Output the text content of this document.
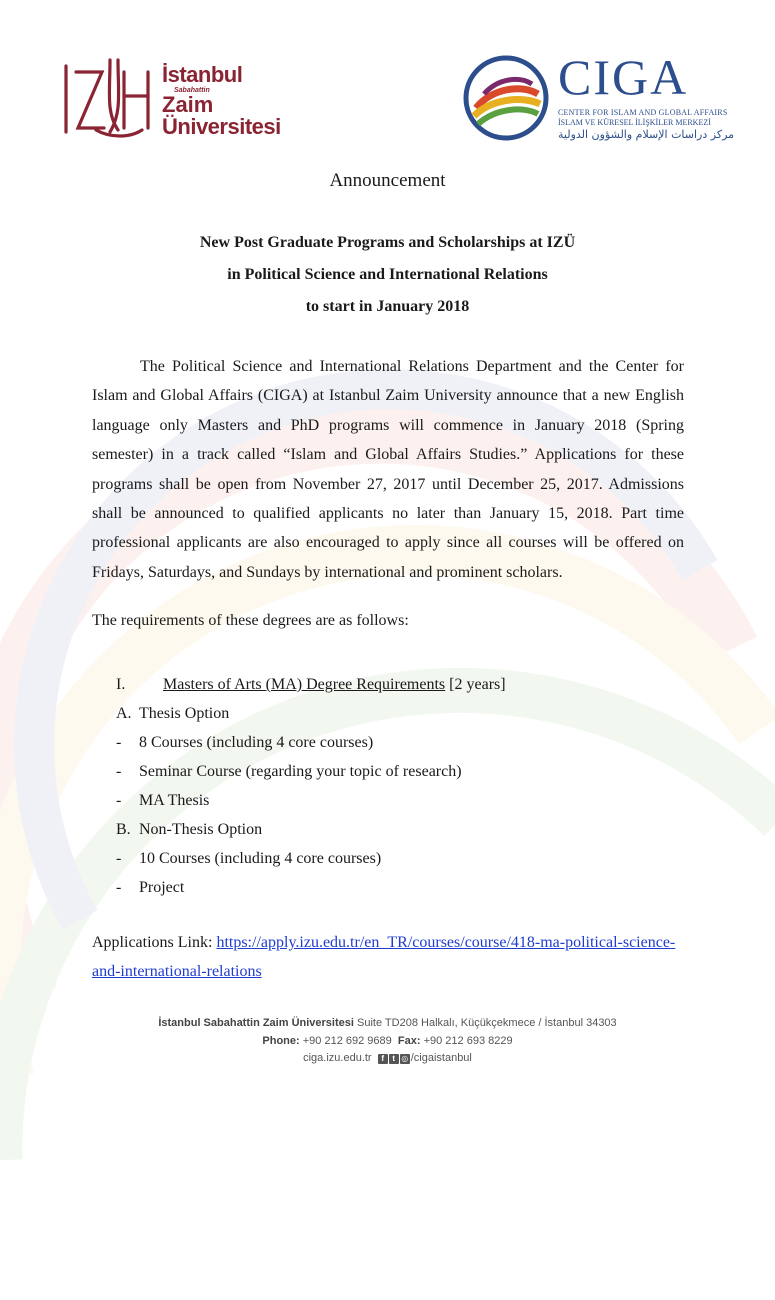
İstanbul
Sabahattin
Zaim
Üniversitesi
CIGA
CENTER FOR ISLAM AND GLOBAL AFFAIRS
İSLAM VE KÜRESEL İLİŞKİLER MERKEZİ
مركز دراسات الإسلام والشؤون الدولية
Announcement
New Post Graduate Programs and Scholarships at IZÜ
in Political Science and International Relations
to start in January 2018

The Political Science and International Relations Department and the Center for Islam and Global Affairs (CIGA) at Istanbul Zaim University announce that a new English language only Masters and PhD programs will commence in January 2018 (Spring semester) in a track called “Islam and Global Affairs Studies.” Applications for these programs shall be open from November 27, 2017 until December 25, 2017. Admissions shall be announced to qualified applicants no later than January 15, 2018. Part time professional applicants are also encouraged to apply since all courses will be offered on Fridays, Saturdays, and Sundays by international and prominent scholars.

The requirements of these degrees are as follows:
I. Masters of Arts (MA) Degree Requirements [2 years]
A. Thesis Option
- 8 Courses (including 4 core courses)
- Seminar Course (regarding your topic of research)
- MA Thesis
B. Non-Thesis Option
- 10 Courses (including 4 core courses)
- Project
Applications Link: https://apply.izu.edu.tr/en_TR/courses/course/418-ma-political-science-and-international-relations
İstanbul Sabahattin Zaim Üniversitesi Suite TD208 Halkalı, Küçükçekmece / İstanbul 34303
Phone: +90 212 692 9689 Fax: +90 212 693 8229
ciga.izu.edu.tr f t ◎ /cigaistanbul
